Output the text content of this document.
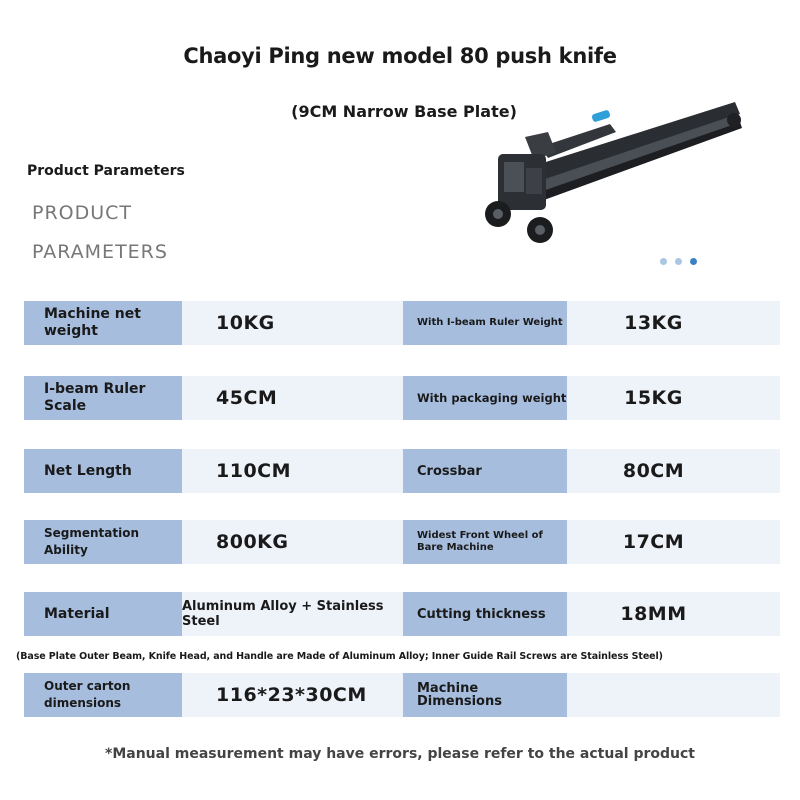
Chaoyi Ping new model 80 push knife
(9CM Narrow Base Plate)
Product Parameters
PRODUCT
PARAMETERS
Machine net weight	10KG	With I-beam Ruler Weight	13KG
I-beam Ruler Scale	45CM	With packaging weight	15KG
Net Length	110CM	Crossbar	80CM
Segmentation Ability	800KG	Widest Front Wheel of Bare Machine	17CM
Material	Aluminum Alloy + Stainless Steel	Cutting thickness	18MM
(Base Plate Outer Beam, Knife Head, and Handle are Made of Aluminum Alloy; Inner Guide Rail Screws are Stainless Steel)
Outer carton dimensions	116*23*30CM	Machine Dimensions
*Manual measurement may have errors, please refer to the actual product
